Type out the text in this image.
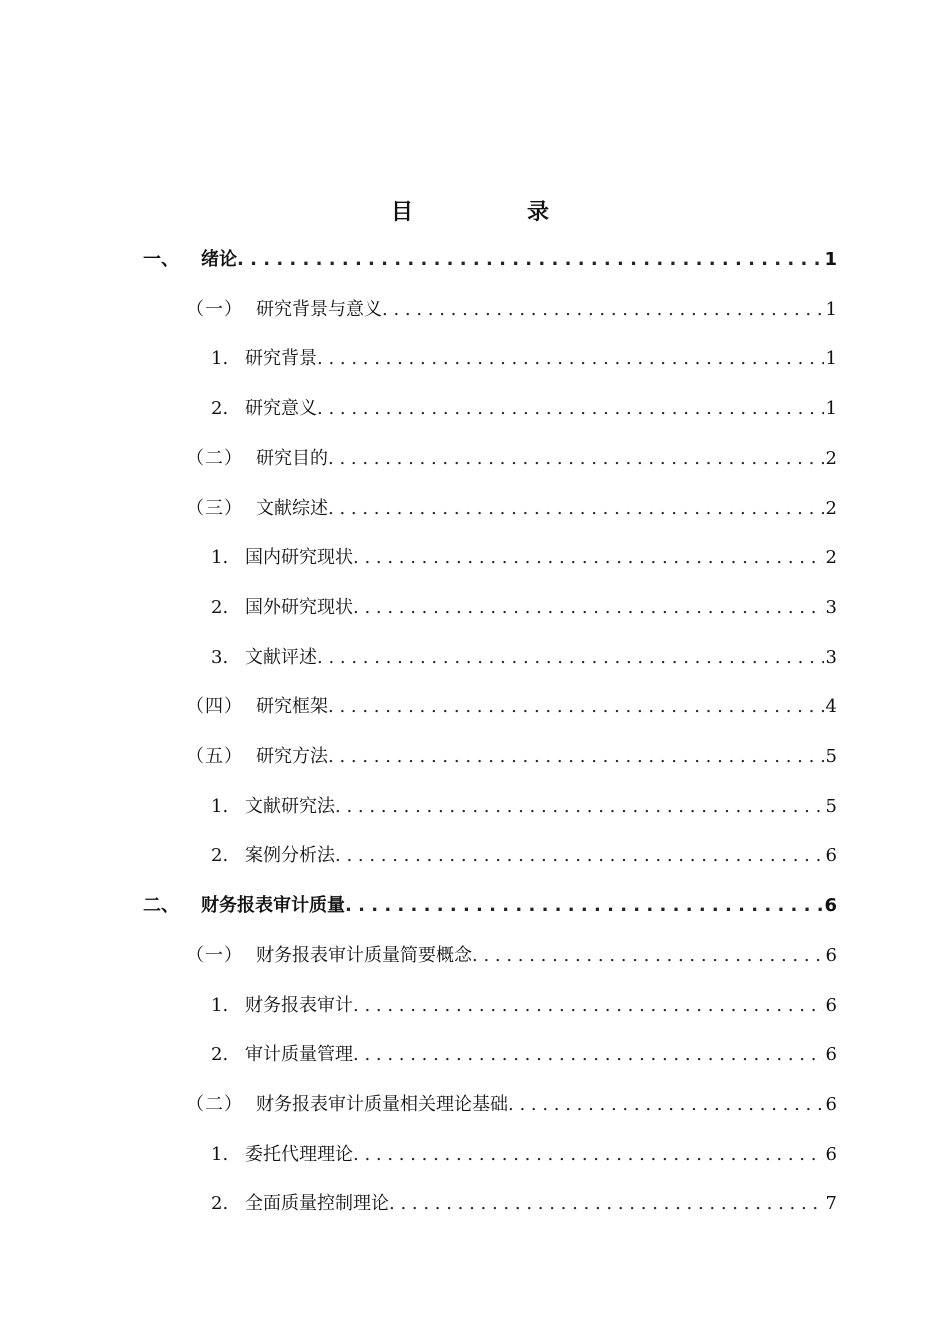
目　录
一、	绪论 . . .	1
（一） 研究背景与意义 . . .	1
1. 研究背景 . . .	1
2. 研究意义 . . .	1
（二） 研究目的 . . .	2
（三） 文献综述 . . .	2
1. 国内研究现状 . . .	2
2. 国外研究现状 . . .	3
3. 文献评述 . . .	3
（四） 研究框架 . . .	4
（五） 研究方法 . . .	5
1. 文献研究法 . . .	5
2. 案例分析法 . . .	6
二、	财务报表审计质量 . . .	6
（一） 财务报表审计质量简要概念 . . .	6
1. 财务报表审计 . . .	6
2. 审计质量管理 . . .	6
（二） 财务报表审计质量相关理论基础 . . .	6
1. 委托代理理论 . . .	6
2. 全面质量控制理论 . . .	7
